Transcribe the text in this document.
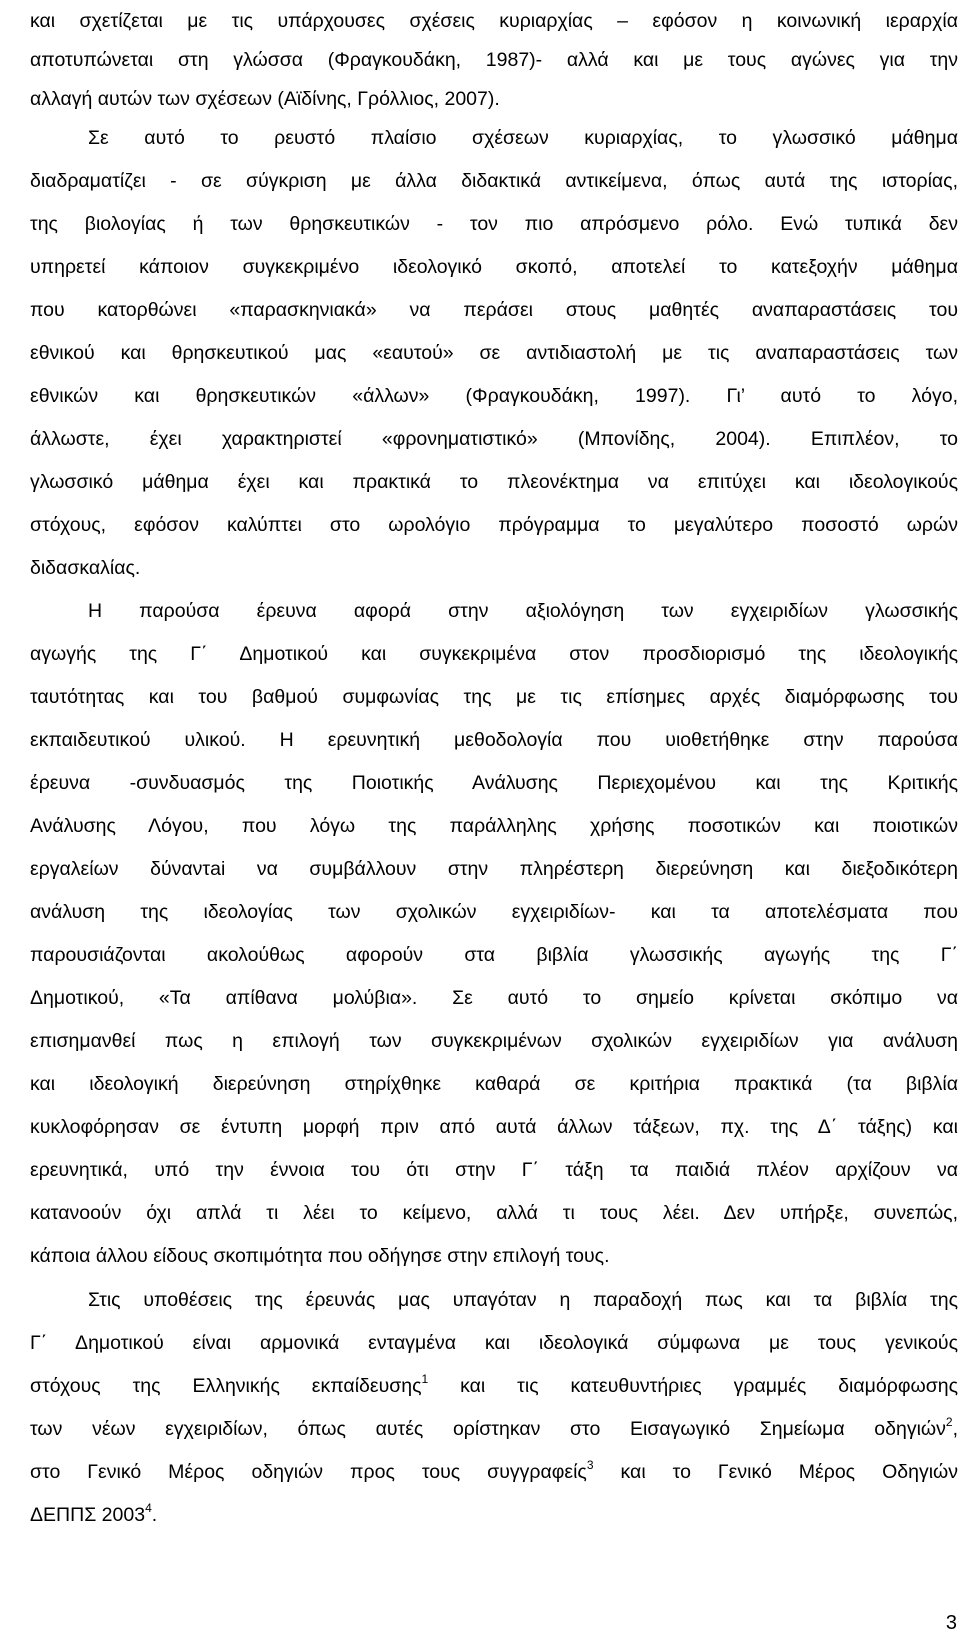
και σχετίζεται με τις υπάρχουσες σχέσεις κυριαρχίας – εφόσον η κοινωνική ιεραρχία
αποτυπώνεται στη γλώσσα (Φραγκουδάκη, 1987)- αλλά και με τους αγώνες για την
αλλαγή αυτών των σχέσεων (Αϊδίνης, Γρόλλιος, 2007).
Σε αυτό το ρευστό πλαίσιο σχέσεων κυριαρχίας, το γλωσσικό μάθημα
διαδραματίζει - σε σύγκριση με άλλα διδακτικά αντικείμενα, όπως αυτά της ιστορίας,
της βιολογίας ή των θρησκευτικών - τον πιο απρόσμενο ρόλο. Ενώ τυπικά δεν
υπηρετεί κάποιον συγκεκριμένο ιδεολογικό σκοπό, αποτελεί το κατεξοχήν μάθημα
που κατορθώνει «παρασκηνιακά» να περάσει στους μαθητές αναπαραστάσεις του
εθνικού και θρησκευτικού μας «εαυτού» σε αντιδιαστολή με τις αναπαραστάσεις των
εθνικών και θρησκευτικών «άλλων» (Φραγκουδάκη, 1997). Γι’ αυτό το λόγο,
άλλωστε, έχει χαρακτηριστεί «φρονηματιστικό» (Μπονίδης, 2004). Επιπλέον, το
γλωσσικό μάθημα έχει και πρακτικά το πλεονέκτημα να επιτύχει και ιδεολογικούς
στόχους, εφόσον καλύπτει στο ωρολόγιο πρόγραμμα το μεγαλύτερο ποσοστό ωρών
διδασκαλίας.
Η παρούσα έρευνα αφορά στην αξιολόγηση των εγχειριδίων γλωσσικής
αγωγής της Γ΄ Δημοτικού και συγκεκριμένα στον προσδιορισμό της ιδεολογικής
ταυτότητας και του βαθμού συμφωνίας της με τις επίσημες αρχές διαμόρφωσης του
εκπαιδευτικού υλικού. Η ερευνητική μεθοδολογία που υιοθετήθηκε στην παρούσα
έρευνα -συνδυασμός της Ποιοτικής Ανάλυσης Περιεχομένου και της Κριτικής
Ανάλυσης Λόγου, που λόγω της παράλληλης χρήσης ποσοτικών και ποιοτικών
εργαλείων δύναντai να συμβάλλουν στην πληρέστερη διερεύνηση και διεξοδικότερη
ανάλυση της ιδεολογίας των σχολικών εγχειριδίων- και τα αποτελέσματα που
παρουσιάζονται ακολούθως αφορούν στα βιβλία γλωσσικής αγωγής της Γ΄
Δημοτικού, «Τα απίθανα μολύβια». Σε αυτό το σημείο κρίνεται σκόπιμο να
επισημανθεί πως η επιλογή των συγκεκριμένων σχολικών εγχειριδίων για ανάλυση
και ιδεολογική διερεύνηση στηρίχθηκε καθαρά σε κριτήρια πρακτικά (τα βιβλία
κυκλοφόρησαν σε έντυπη μορφή πριν από αυτά άλλων τάξεων, πχ. της Δ΄ τάξης) και
ερευνητικά, υπό την έννοια του ότι στην Γ΄ τάξη τα παιδιά πλέον αρχίζουν να
κατανοούν όχι απλά τι λέει το κείμενο, αλλά τι τους λέει. Δεν υπήρξε, συνεπώς,
κάποια άλλου είδους σκοπιμότητα που οδήγησε στην επιλογή τους.
Στις υποθέσεις της έρευνάς μας υπαγόταν η παραδοχή πως και τα βιβλία της
Γ΄ Δημοτικού είναι αρμονικά ενταγμένα και ιδεολογικά σύμφωνα με τους γενικούς
στόχους της Ελληνικής εκπαίδευσης$^1$ και τις κατευθυντήριες γραμμές διαμόρφωσης
των νέων εγχειριδίων, όπως αυτές ορίστηκαν στο Εισαγωγικό Σημείωμα οδηγιών$^2$,
στο Γενικό Μέρος οδηγιών προς τους συγγραφείς$^3$ και το Γενικό Μέρος Οδηγιών
ΔΕΠΠΣ 2003$^4$.
3
